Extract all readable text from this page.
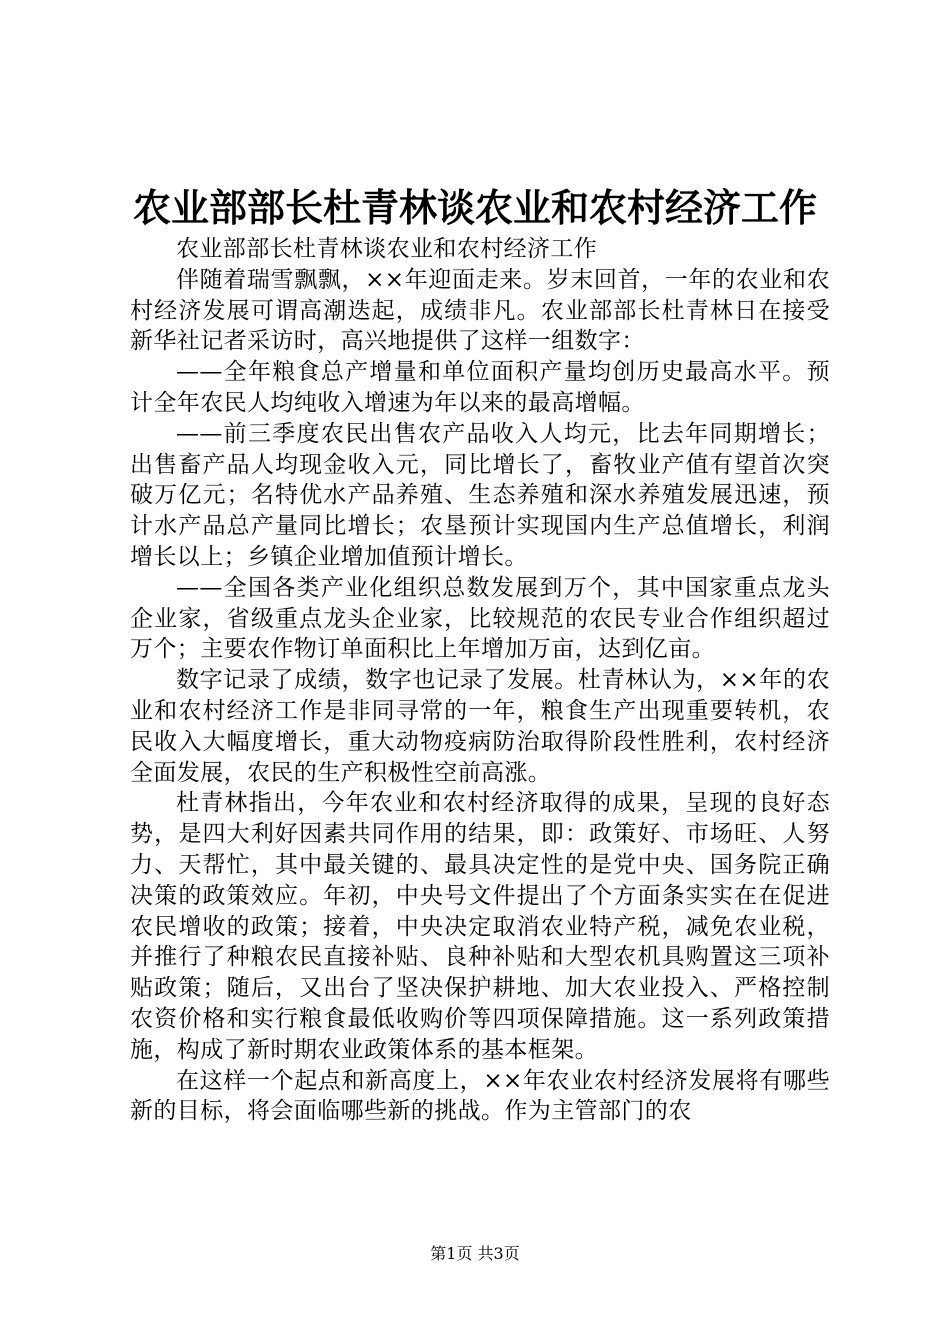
农业部部长杜青林谈农业和农村经济工作

农业部部长杜青林谈农业和农村经济工作

伴随着瑞雪飘飘，××年迎面走来。岁末回首，一年的农业和农村经济发展可谓高潮迭起，成绩非凡。农业部部长杜青林日在接受新华社记者采访时，高兴地提供了这样一组数字：

——全年粮食总产增量和单位面积产量均创历史最高水平。预计全年农民人均纯收入增速为年以来的最高增幅。

——前三季度农民出售农产品收入人均元，比去年同期增长；出售畜产品人均现金收入元，同比增长了，畜牧业产值有望首次突破万亿元；名特优水产品养殖、生态养殖和深水养殖发展迅速，预计水产品总产量同比增长；农垦预计实现国内生产总值增长，利润增长以上；乡镇企业增加值预计增长。

——全国各类产业化组织总数发展到万个，其中国家重点龙头企业家，省级重点龙头企业家，比较规范的农民专业合作组织超过万个；主要农作物订单面积比上年增加万亩，达到亿亩。

数字记录了成绩，数字也记录了发展。杜青林认为，××年的农业和农村经济工作是非同寻常的一年，粮食生产出现重要转机，农民收入大幅度增长，重大动物疫病防治取得阶段性胜利，农村经济全面发展，农民的生产积极性空前高涨。

杜青林指出，今年农业和农村经济取得的成果，呈现的良好态势，是四大利好因素共同作用的结果，即：政策好、市场旺、人努力、天帮忙，其中最关键的、最具决定性的是党中央、国务院正确决策的政策效应。年初，中央号文件提出了个方面条实实在在促进农民增收的政策；接着，中央决定取消农业特产税，减免农业税，并推行了种粮农民直接补贴、良种补贴和大型农机具购置这三项补贴政策；随后，又出台了坚决保护耕地、加大农业投入、严格控制农资价格和实行粮食最低收购价等四项保障措施。这一系列政策措施，构成了新时期农业政策体系的基本框架。

在这样一个起点和新高度上，××年农业农村经济发展将有哪些新的目标，将会面临哪些新的挑战。作为主管部门的农

第1页 共3页
